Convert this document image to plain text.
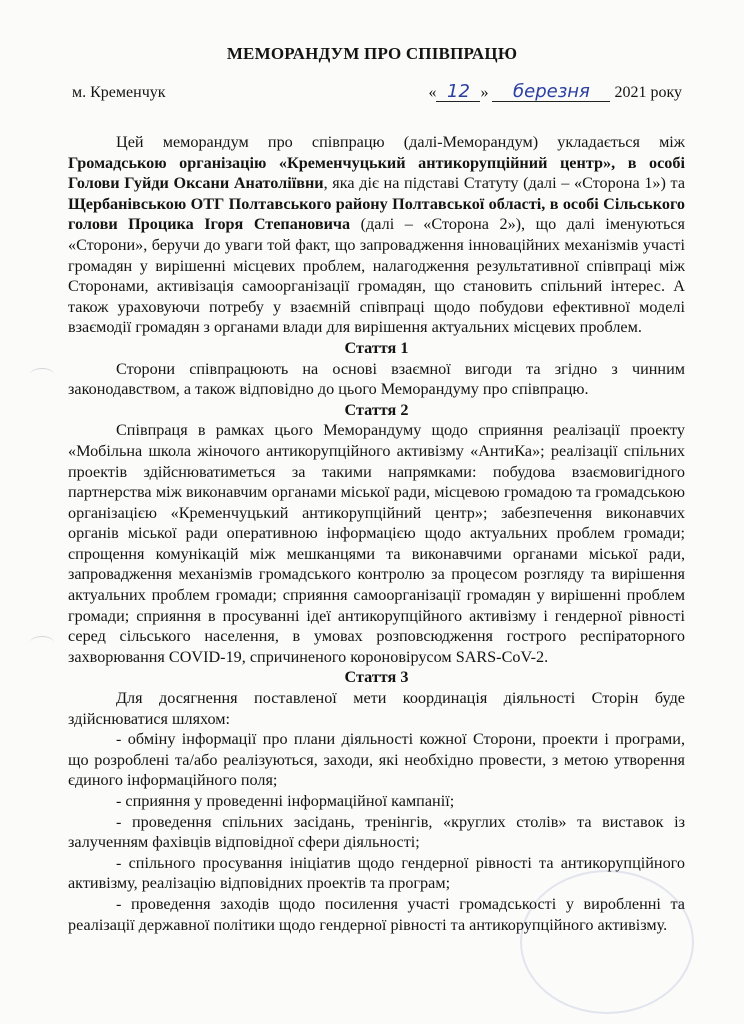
МЕМОРАНДУМ ПРО СПІВПРАЦЮ
м. Кременчук	« 12 » березня 2021 року

Цей меморандум про співпрацю (далі-Меморандум) укладається між Громадською організацію «Кременчуцький антикорупційний центр», в особі Голови Гуйди Оксани Анатоліївни, яка діє на підставі Статуту (далі – «Сторона 1») та Щербанівською ОТГ Полтавського району Полтавської області, в особі Сільського голови Процика Ігоря Степановича (далі – «Сторона 2»), що далі іменуються «Сторони», беручи до уваги той факт, що запровадження інноваційних механізмів участі громадян у вирішенні місцевих проблем, налагодження результативної співпраці між Сторонами, активізація самоорганізації громадян, що становить спільний інтерес. А також ураховуючи потребу у взаємній співпраці щодо побудови ефективної моделі взаємодії громадян з органами влади для вирішення актуальних місцевих проблем.

Стаття 1

Сторони співпрацюють на основі взаємної вигоди та згідно з чинним законодавством, а також відповідно до цього Меморандуму про співпрацю.

Стаття 2

Співпраця в рамках цього Меморандуму щодо сприяння реалізації проекту «Мобільна школа жіночого антикорупційного активізму «АнтиКа»; реалізації спільних проектів здійснюватиметься за такими напрямками: побудова взаємовигідного партнерства між виконавчим органами міської ради, місцевою громадою та громадською організацією «Кременчуцький антикорупційний центр»; забезпечення виконавчих органів міської ради оперативною інформацією щодо актуальних проблем громади; спрощення комунікацій між мешканцями та виконавчими органами міської ради, запровадження механізмів громадського контролю за процесом розгляду та вирішення актуальних проблем громади; сприяння самоорганізації громадян у вирішенні проблем громади; сприяння в просуванні ідеї антикорупційного активізму і гендерної рівності серед сільського населення, в умовах розповсюдження гострого респіраторного захворювання COVID-19, спричиненого короновірусом SARS-CoV-2.

Стаття 3

Для досягнення поставленої мети координація діяльності Сторін буде здійснюватися шляхом:

- обміну інформації про плани діяльності кожної Сторони, проекти і програми, що розроблені та/або реалізуються, заходи, які необхідно провести, з метою утворення єдиного інформаційного поля;

- сприяння у проведенні інформаційної кампанії;

- проведення спільних засідань, тренінгів, «круглих столів» та виставок із залученням фахівців відповідної сфери діяльності;

- спільного просування ініціатив щодо гендерної рівності та антикорупційного активізму, реалізацію відповідних проектів та програм;

- проведення заходів щодо посилення участі громадськості у виробленні та реалізації державної політики щодо гендерної рівності та антикорупційного активізму.
